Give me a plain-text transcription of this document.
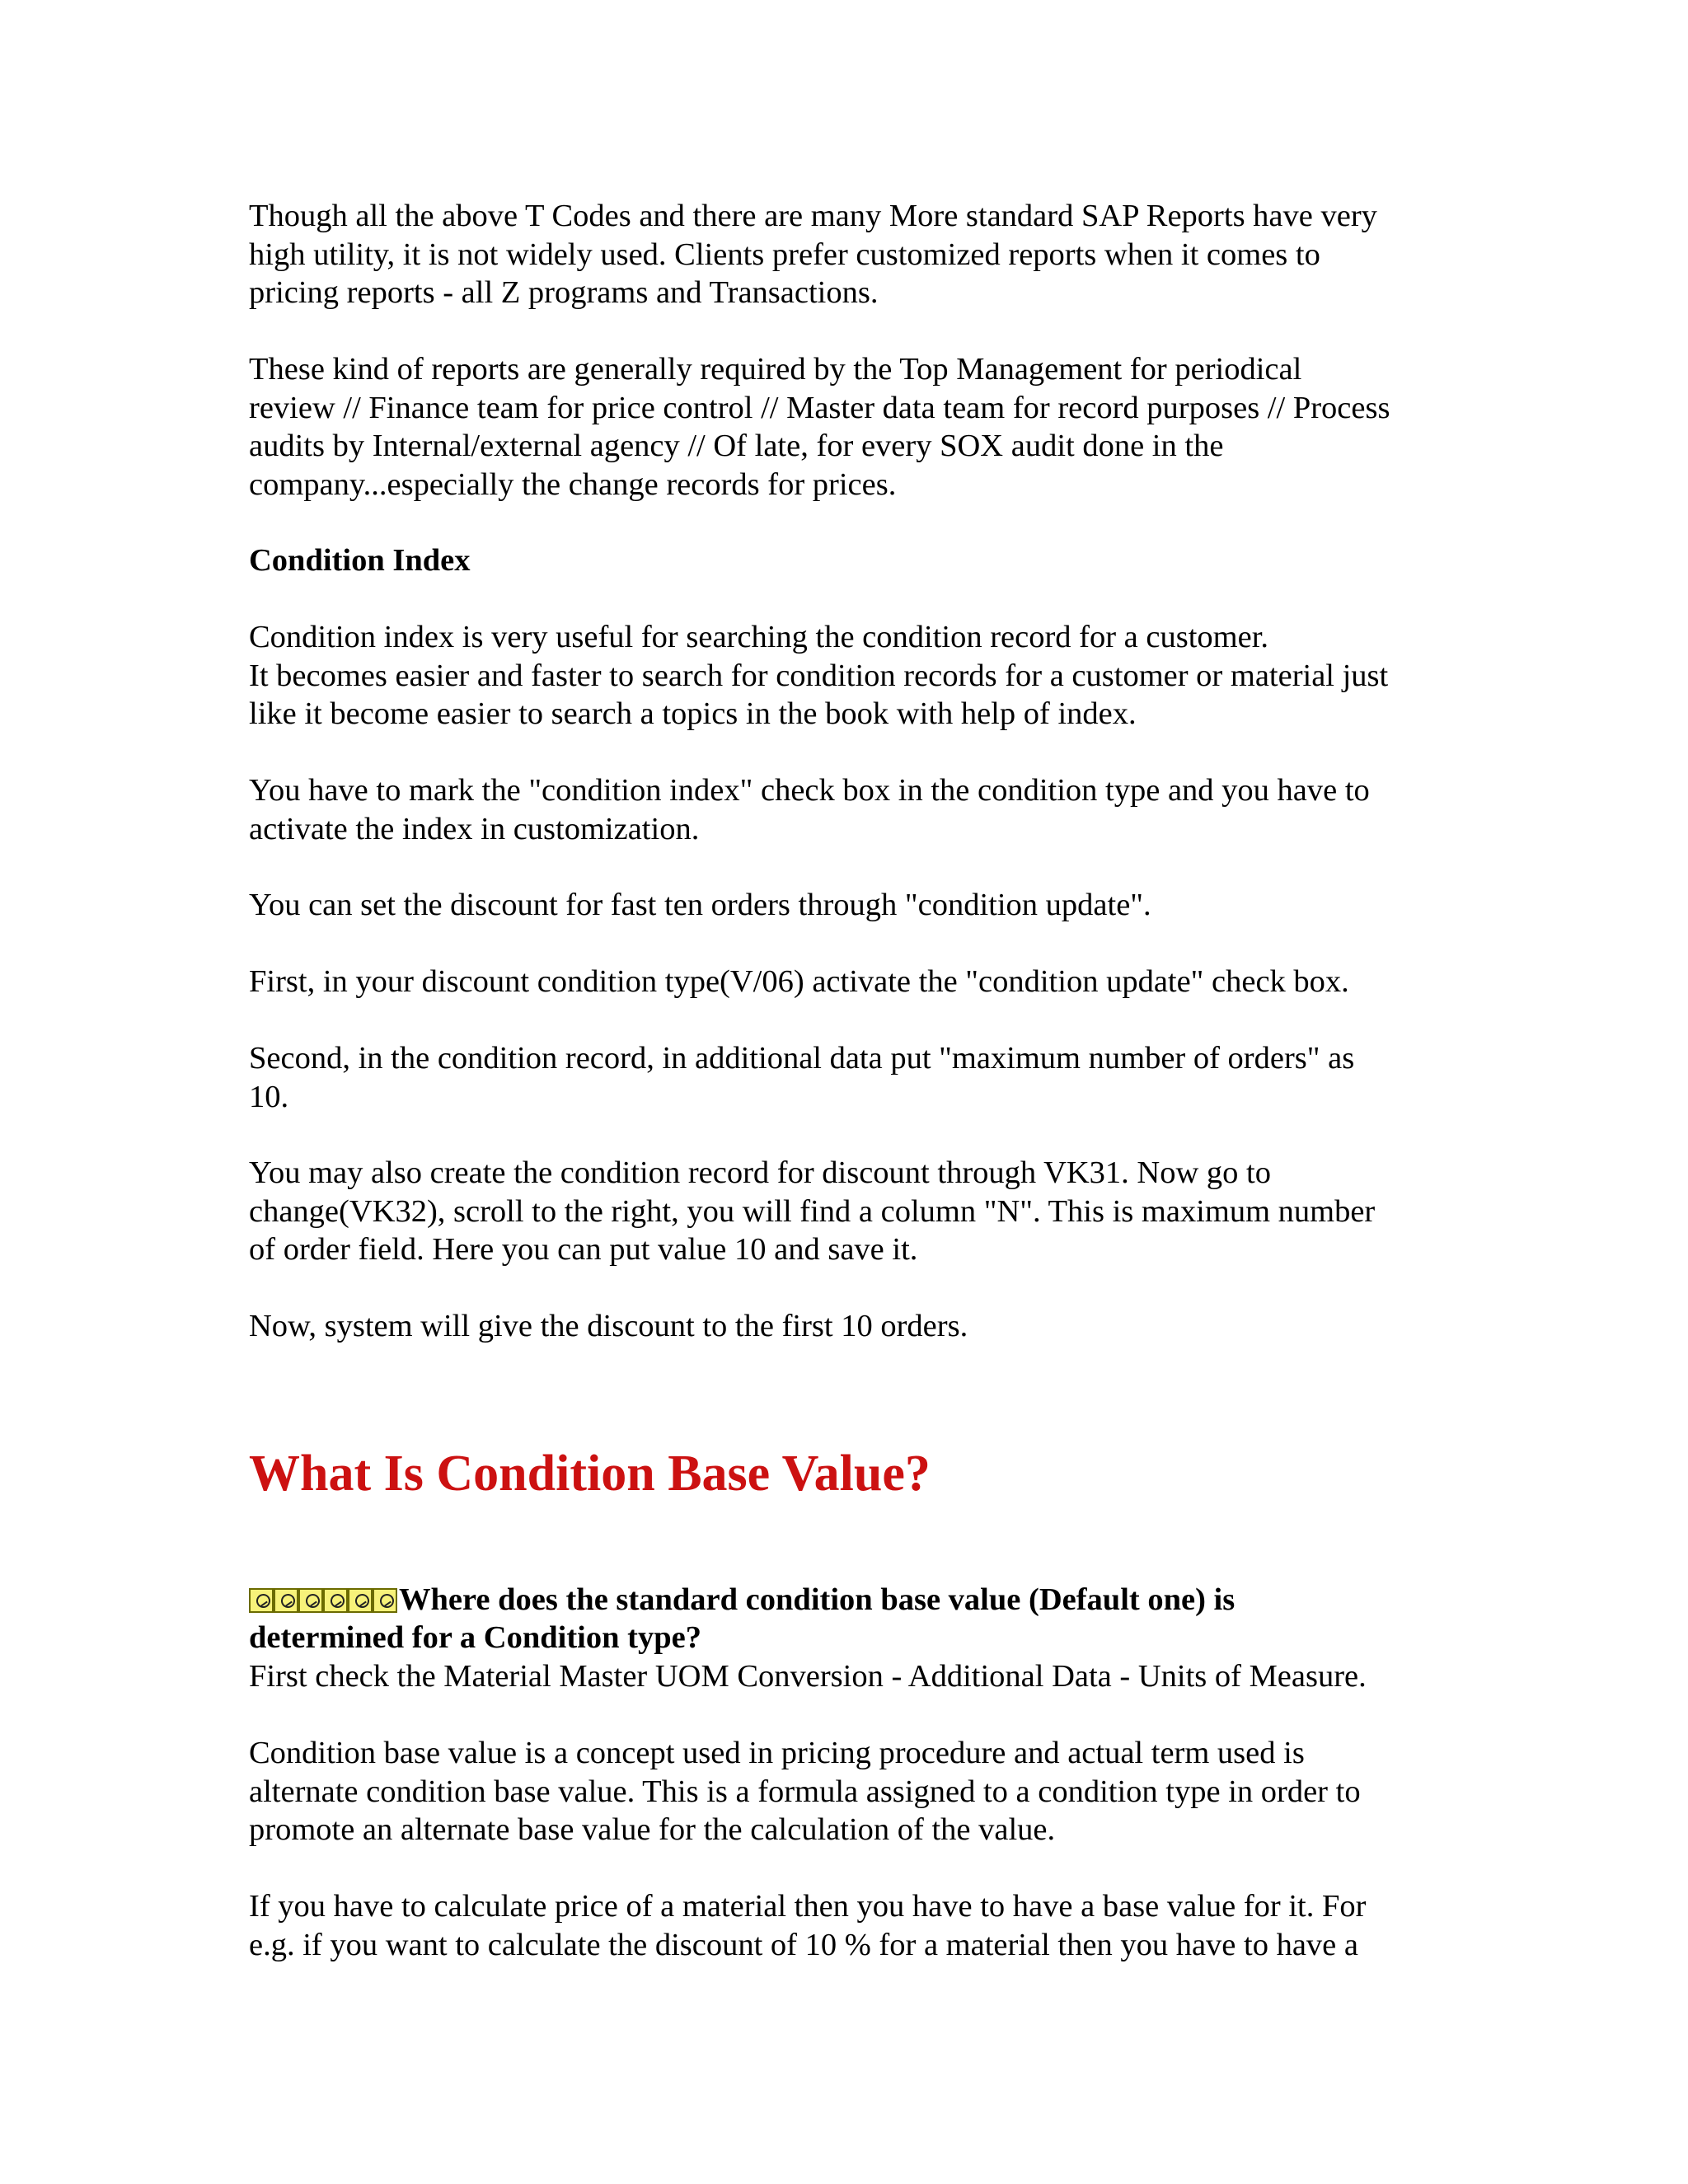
Though all the above T Codes and there are many More standard SAP Reports have very
high utility, it is not widely used. Clients prefer customized reports when it comes to
pricing reports - all Z programs and Transactions.

These kind of reports are generally required by the Top Management for periodical
review // Finance team for price control // Master data team for record purposes // Process
audits by Internal/external agency // Of late, for every SOX audit done in the
company...especially the change records for prices.

Condition Index

Condition index is very useful for searching the condition record for a customer.
It becomes easier and faster to search for condition records for a customer or material just
like it become easier to search a topics in the book with help of index.

You have to mark the "condition index" check box in the condition type and you have to
activate the index in customization.

You can set the discount for fast ten orders through "condition update".

First, in your discount condition type(V/06) activate the "condition update" check box.

Second, in the condition record, in additional data put "maximum number of orders" as
10.

You may also create the condition record for discount through VK31. Now go to
change(VK32), scroll to the right, you will find a column "N". This is maximum number
of order field. Here you can put value 10 and save it.

Now, system will give the discount to the first 10 orders.

What Is Condition Base Value?

Where does the standard condition base value (Default one) is
determined for a Condition type?

First check the Material Master UOM Conversion - Additional Data - Units of Measure.

Condition base value is a concept used in pricing procedure and actual term used is
alternate condition base value. This is a formula assigned to a condition type in order to
promote an alternate base value for the calculation of the value.

If you have to calculate price of a material then you have to have a base value for it. For
e.g. if you want to calculate the discount of 10 % for a material then you have to have a
